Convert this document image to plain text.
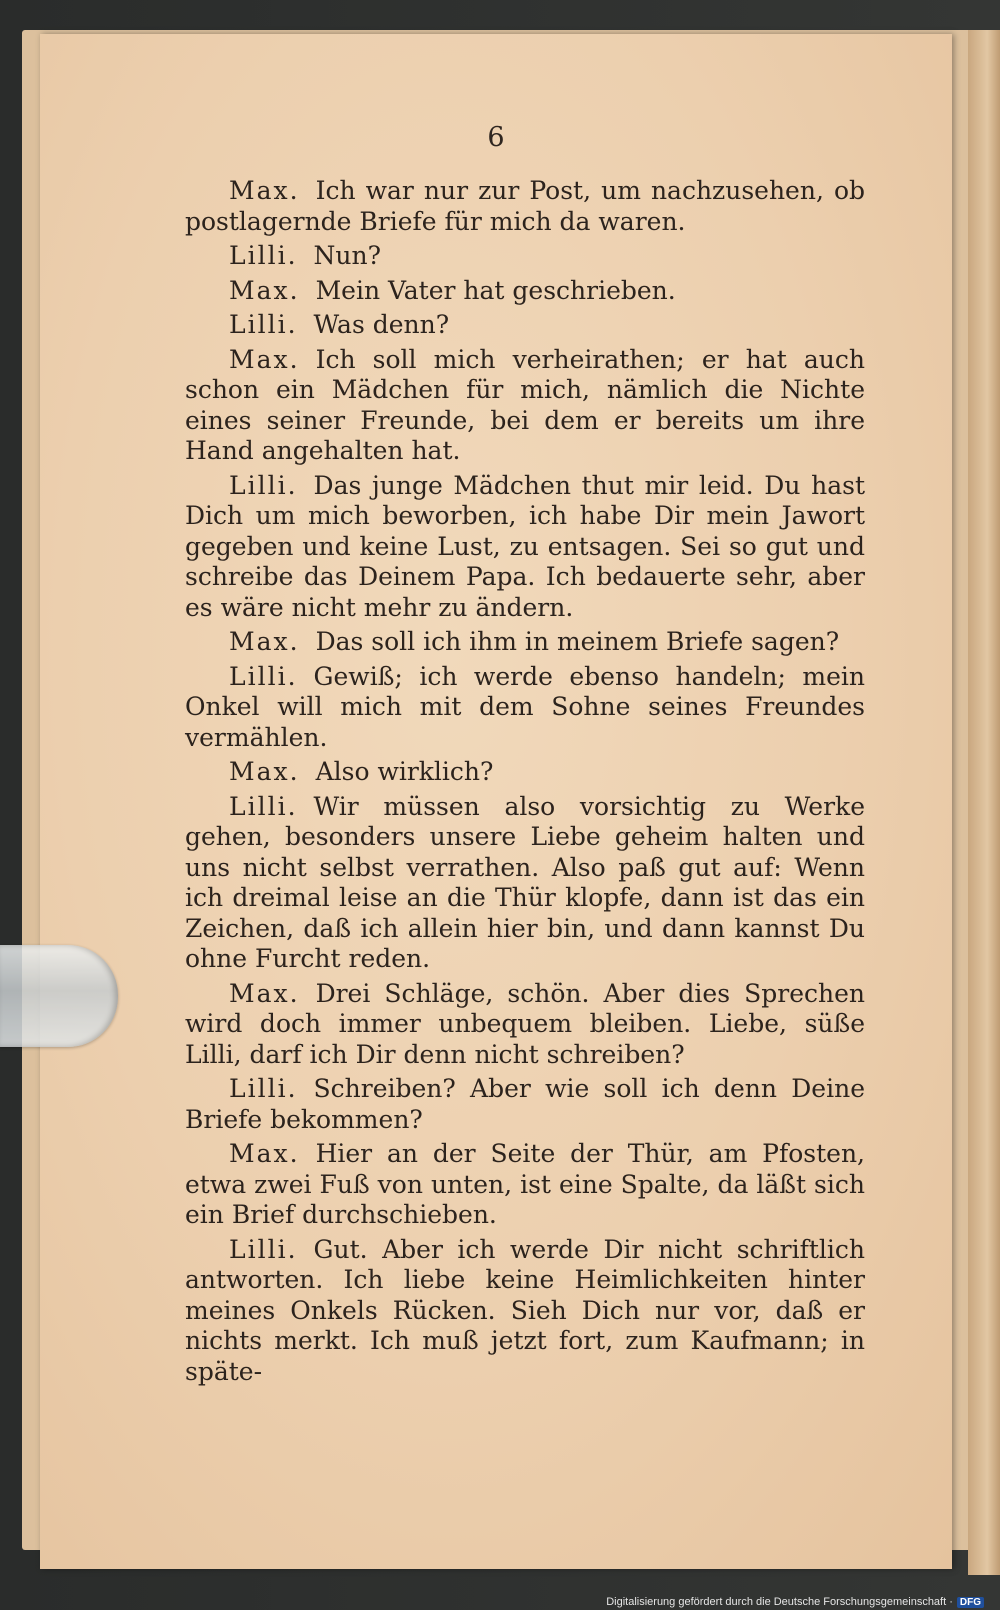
6

Max. Ich war nur zur Post, um nachzusehen, ob postlagernde Briefe für mich da waren.

Lilli. Nun?

Max. Mein Vater hat geschrieben.

Lilli. Was denn?

Max. Ich soll mich verheirathen; er hat auch schon ein Mädchen für mich, nämlich die Nichte eines seiner Freunde, bei dem er bereits um ihre Hand angehalten hat.

Lilli. Das junge Mädchen thut mir leid. Du hast Dich um mich beworben, ich habe Dir mein Jawort gegeben und keine Lust, zu entsagen. Sei so gut und schreibe das Deinem Papa. Ich bedauerte sehr, aber es wäre nicht mehr zu ändern.

Max. Das soll ich ihm in meinem Briefe sagen?

Lilli. Gewiß; ich werde ebenso handeln; mein Onkel will mich mit dem Sohne seines Freundes vermählen.

Max. Also wirklich?

Lilli. Wir müssen also vorsichtig zu Werke gehen, besonders unsere Liebe geheim halten und uns nicht selbst verrathen. Also paß gut auf: Wenn ich dreimal leise an die Thür klopfe, dann ist das ein Zeichen, daß ich allein hier bin, und dann kannst Du ohne Furcht reden.

Max. Drei Schläge, schön. Aber dies Sprechen wird doch immer unbequem bleiben. Liebe, süße Lilli, darf ich Dir denn nicht schreiben?

Lilli. Schreiben? Aber wie soll ich denn Deine Briefe bekommen?

Max. Hier an der Seite der Thür, am Pfosten, etwa zwei Fuß von unten, ist eine Spalte, da läßt sich ein Brief durchschieben.

Lilli. Gut. Aber ich werde Dir nicht schriftlich antworten. Ich liebe keine Heimlichkeiten hinter meines Onkels Rücken. Sieh Dich nur vor, daß er nichts merkt. Ich muß jetzt fort, zum Kaufmann; in späte-

Digitalisierung gefördert durch die Deutsche Forschungsgemeinschaft · DFG
